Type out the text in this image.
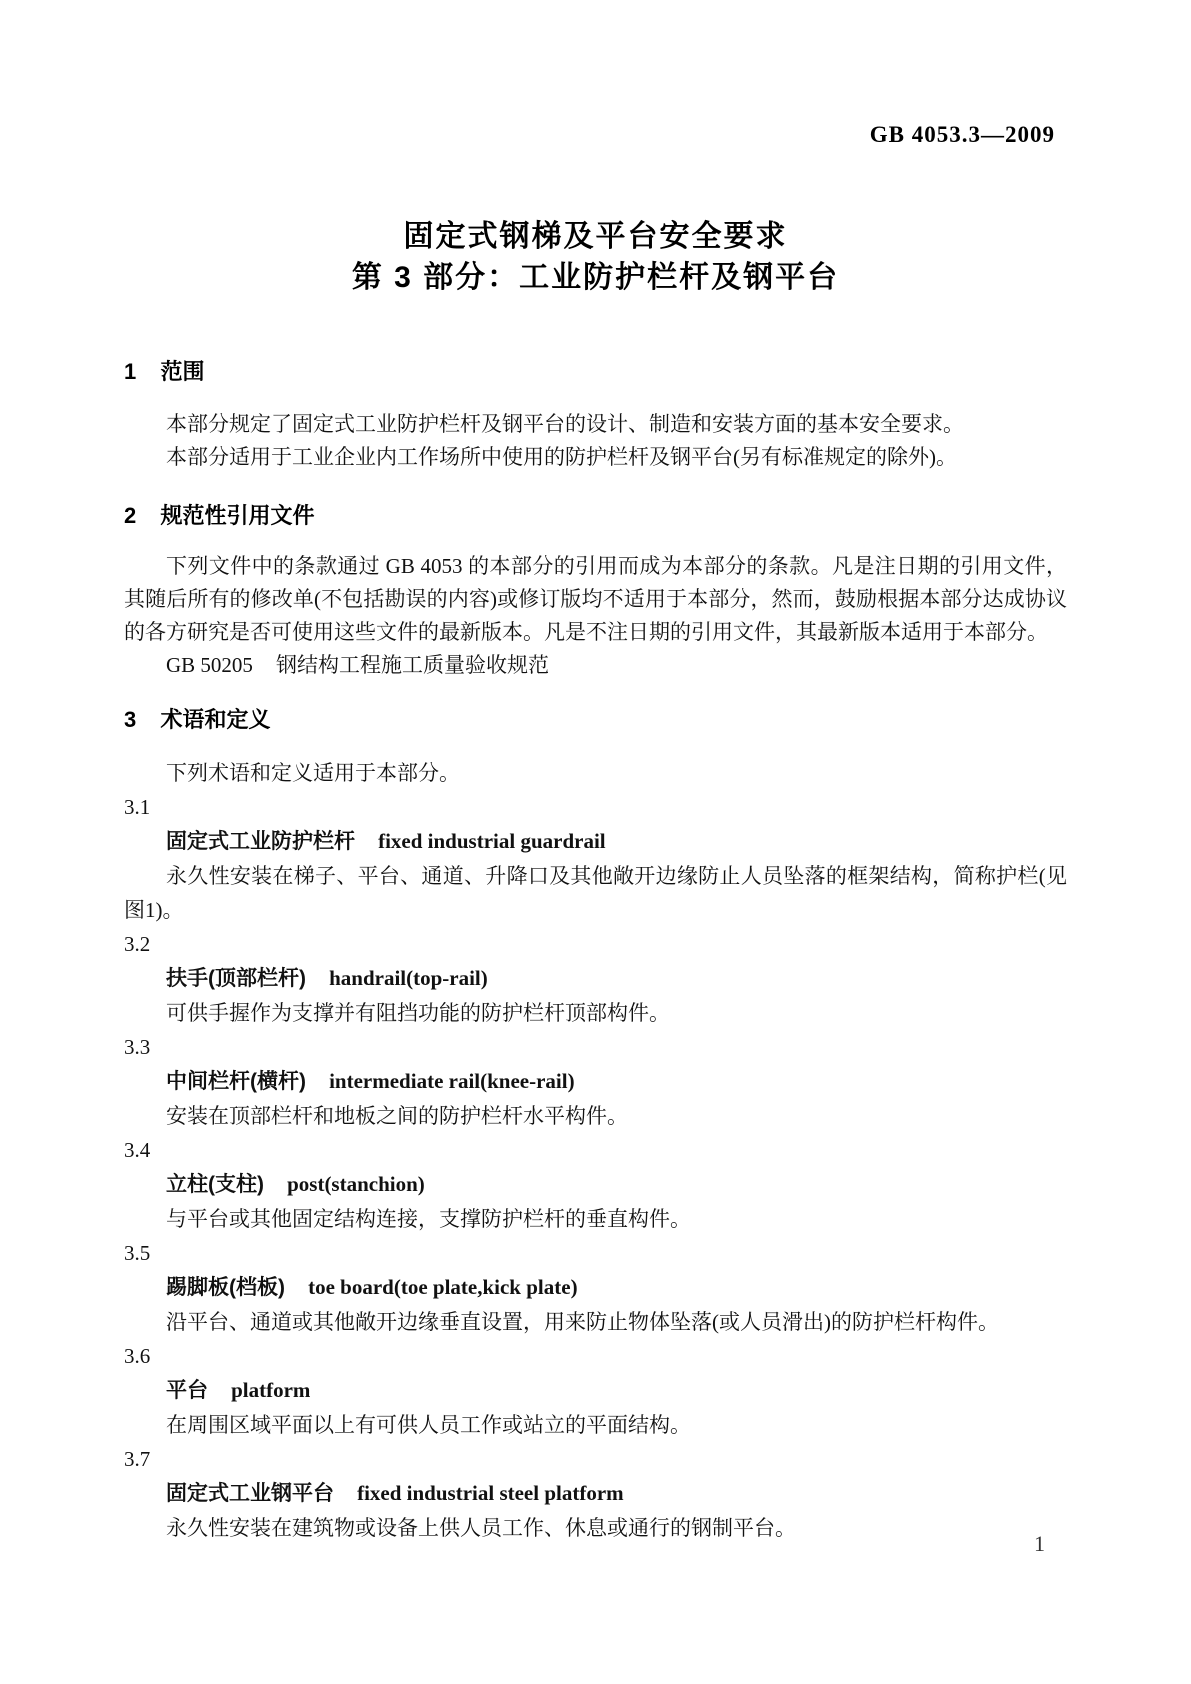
GB 4053.3—2009
固定式钢梯及平台安全要求
第 3 部分：工业防护栏杆及钢平台
1 范围

本部分规定了固定式工业防护栏杆及钢平台的设计、制造和安装方面的基本安全要求。

本部分适用于工业企业内工作场所中使用的防护栏杆及钢平台(另有标准规定的除外)。

2 规范性引用文件

下列文件中的条款通过 GB 4053 的本部分的引用而成为本部分的条款。凡是注日期的引用文件，其随后所有的修改单(不包括勘误的内容)或修订版均不适用于本部分，然而，鼓励根据本部分达成协议的各方研究是否可使用这些文件的最新版本。凡是不注日期的引用文件，其最新版本适用于本部分。

GB 50205 钢结构工程施工质量验收规范

3 术语和定义

下列术语和定义适用于本部分。

3.1

固定式工业防护栏杆 fixed industrial guardrail

永久性安装在梯子、平台、通道、升降口及其他敞开边缘防止人员坠落的框架结构，简称护栏(见图1)。

3.2

扶手(顶部栏杆) handrail(top-rail)

可供手握作为支撑并有阻挡功能的防护栏杆顶部构件。

3.3

中间栏杆(横杆) intermediate rail(knee-rail)

安装在顶部栏杆和地板之间的防护栏杆水平构件。

3.4

立柱(支柱) post(stanchion)

与平台或其他固定结构连接，支撑防护栏杆的垂直构件。

3.5

踢脚板(档板) toe board(toe plate,kick plate)

沿平台、通道或其他敞开边缘垂直设置，用来防止物体坠落(或人员滑出)的防护栏杆构件。

3.6

平台 platform

在周围区域平面以上有可供人员工作或站立的平面结构。

3.7

固定式工业钢平台 fixed industrial steel platform

永久性安装在建筑物或设备上供人员工作、休息或通行的钢制平台。

1
